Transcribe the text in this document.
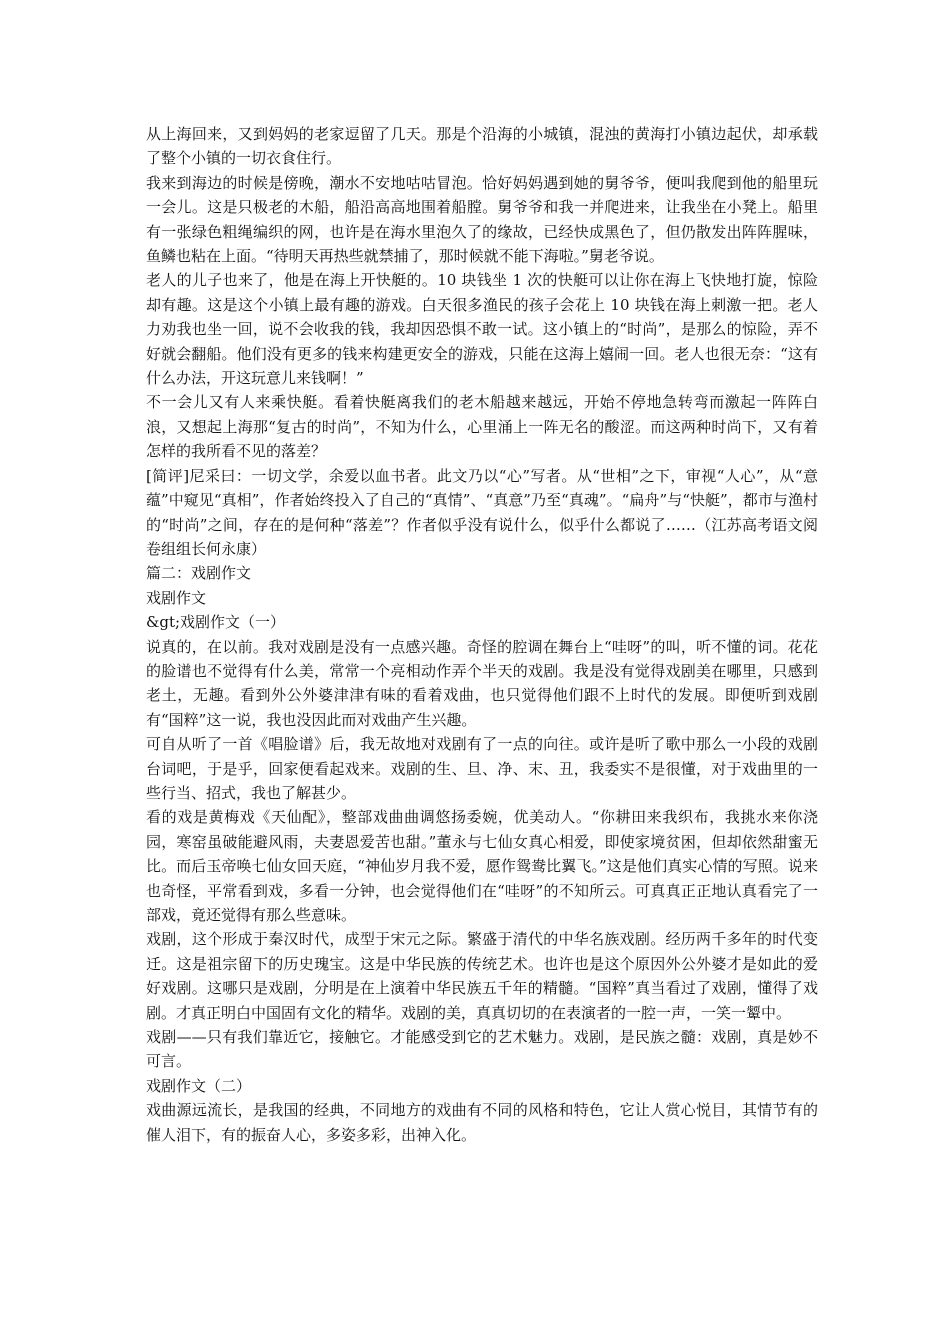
从上海回来，又到妈妈的老家逗留了几天。那是个沿海的小城镇，混浊的黄海打小镇边起伏，却承载了整个小镇的一切衣食住行。

我来到海边的时候是傍晚，潮水不安地咕咕冒泡。恰好妈妈遇到她的舅爷爷，便叫我爬到他的船里玩一会儿。这是只极老的木船，船沿高高地围着船膛。舅爷爷和我一并爬进来，让我坐在小凳上。船里有一张绿色粗绳编织的网，也许是在海水里泡久了的缘故，已经快成黑色了，但仍散发出阵阵腥味，鱼鳞也粘在上面。“待明天再热些就禁捕了，那时候就不能下海啦。”舅老爷说。

老人的儿子也来了，他是在海上开快艇的。10 块钱坐 1 次的快艇可以让你在海上飞快地打旋，惊险却有趣。这是这个小镇上最有趣的游戏。白天很多渔民的孩子会花上 10 块钱在海上刺激一把。老人力劝我也坐一回，说不会收我的钱，我却因恐惧不敢一试。这小镇上的“时尚”，是那么的惊险，弄不好就会翻船。他们没有更多的钱来构建更安全的游戏，只能在这海上嬉闹一回。老人也很无奈：“这有什么办法，开这玩意儿来钱啊！”

不一会儿又有人来乘快艇。看着快艇离我们的老木船越来越远，开始不停地急转弯而激起一阵阵白浪，又想起上海那“复古的时尚”，不知为什么，心里涌上一阵无名的酸涩。而这两种时尚下，又有着怎样的我所看不见的落差？

[简评]尼采曰：一切文学，余爱以血书者。此文乃以“心”写者。从“世相”之下，审视“人心”，从“意蕴”中窥见“真相”，作者始终投入了自己的“真情”、“真意”乃至“真魂”。“扁舟”与“快艇”，都市与渔村的“时尚”之间，存在的是何种“落差”？作者似乎没有说什么，似乎什么都说了……（江苏高考语文阅卷组组长何永康）

篇二：戏剧作文

戏剧作文

&gt;戏剧作文（一）

说真的，在以前。我对戏剧是没有一点感兴趣。奇怪的腔调在舞台上“哇呀”的叫，听不懂的词。花花的脸谱也不觉得有什么美，常常一个亮相动作弄个半天的戏剧。我是没有觉得戏剧美在哪里，只感到老土，无趣。看到外公外婆津津有味的看着戏曲，也只觉得他们跟不上时代的发展。即便听到戏剧有“国粹”这一说，我也没因此而对戏曲产生兴趣。

可自从听了一首《唱脸谱》后，我无故地对戏剧有了一点的向往。或许是听了歌中那么一小段的戏剧台词吧，于是乎，回家便看起戏来。戏剧的生、旦、净、末、丑，我委实不是很懂，对于戏曲里的一些行当、招式，我也了解甚少。

看的戏是黄梅戏《天仙配》，整部戏曲曲调悠扬委婉，优美动人。“你耕田来我织布，我挑水来你浇园，寒窑虽破能避风雨，夫妻恩爱苦也甜。”董永与七仙女真心相爱，即使家境贫困，但却依然甜蜜无比。而后玉帝唤七仙女回天庭，“神仙岁月我不爱，愿作鸳鸯比翼飞。”这是他们真实心情的写照。说来也奇怪，平常看到戏，多看一分钟，也会觉得他们在“哇呀”的不知所云。可真真正正地认真看完了一部戏，竟还觉得有那么些意味。

戏剧，这个形成于秦汉时代，成型于宋元之际。繁盛于清代的中华名族戏剧。经历两千多年的时代变迁。这是祖宗留下的历史瑰宝。这是中华民族的传统艺术。也许也是这个原因外公外婆才是如此的爱好戏剧。这哪只是戏剧，分明是在上演着中华民族五千年的精髓。“国粹”真当看过了戏剧，懂得了戏剧。才真正明白中国固有文化的精华。戏剧的美，真真切切的在表演者的一腔一声，一笑一颦中。

戏剧——只有我们靠近它，接触它。才能感受到它的艺术魅力。戏剧，是民族之髓：戏剧，真是妙不可言。

戏剧作文（二）

戏曲源远流长，是我国的经典，不同地方的戏曲有不同的风格和特色，它让人赏心悦目，其情节有的催人泪下，有的振奋人心，多姿多彩，出神入化。
